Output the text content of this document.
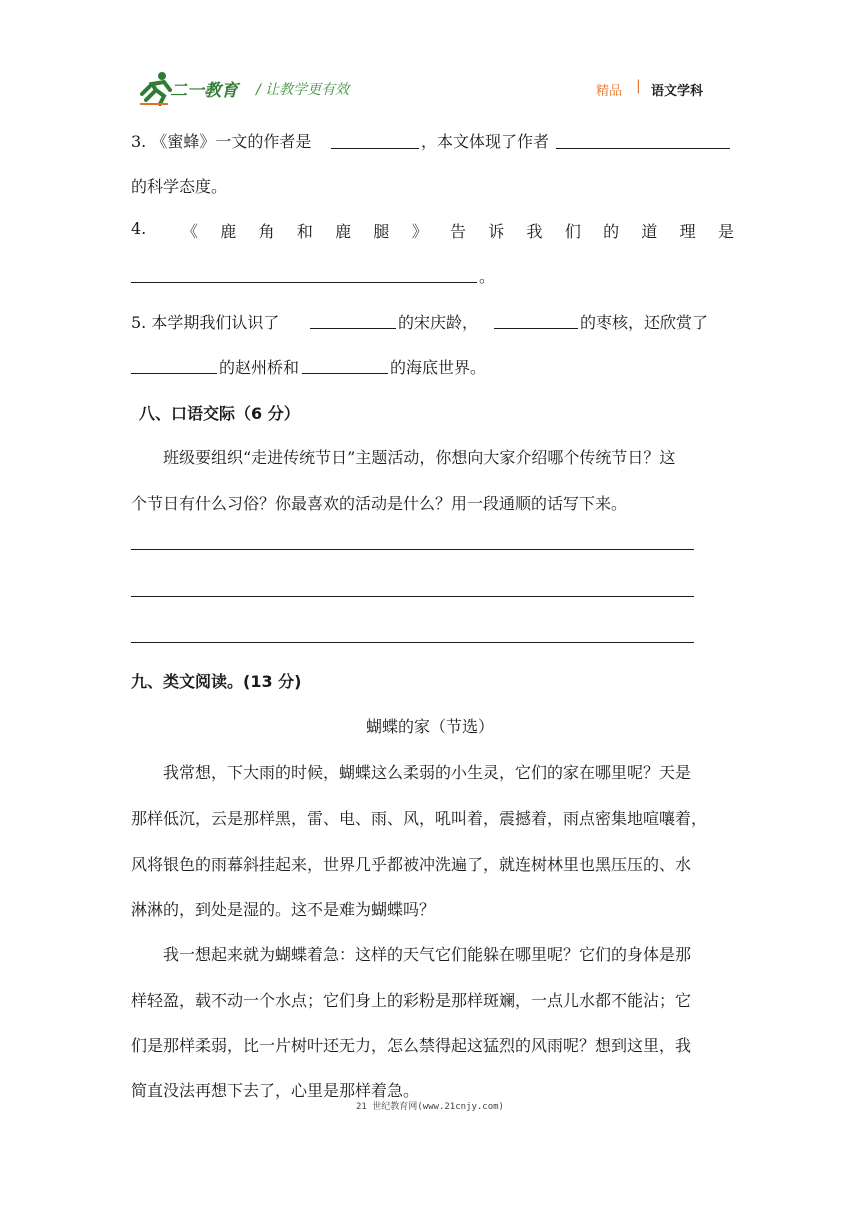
二一教育 / 让教学更有效	精品 | 语文学科
3. 《蜜蜂》一文的作者是	，本文体现了作者
的科学态度。
4. 《 鹿 角 和 鹿 腿 》 告 诉 我 们 的 道 理 是
。
5. 本学期我们认识了	的宋庆龄，	的枣核，还欣赏了
的赵州桥和	的海底世界。
八、口语交际（6 分）
班级要组织“走进传统节日”主题活动，你想向大家介绍哪个传统节日？这
个节日有什么习俗？你最喜欢的活动是什么？用一段通顺的话写下来。
九、类文阅读。(13 分)
蝴蝶的家（节选）
我常想，下大雨的时候，蝴蝶这么柔弱的小生灵，它们的家在哪里呢？天是
那样低沉，云是那样黑，雷、电、雨、风，吼叫着，震撼着，雨点密集地喧嚷着，
风将银色的雨幕斜挂起来，世界几乎都被冲洗遍了，就连树林里也黑压压的、水
淋淋的，到处是湿的。这不是难为蝴蝶吗？
我一想起来就为蝴蝶着急：这样的天气它们能躲在哪里呢？它们的身体是那
样轻盈，载不动一个水点；它们身上的彩粉是那样斑斓，一点儿水都不能沾；它
们是那样柔弱，比一片树叶还无力，怎么禁得起这猛烈的风雨呢？想到这里，我
简直没法再想下去了，心里是那样着急。
21 世纪教育网(www.21cnjy.com)
